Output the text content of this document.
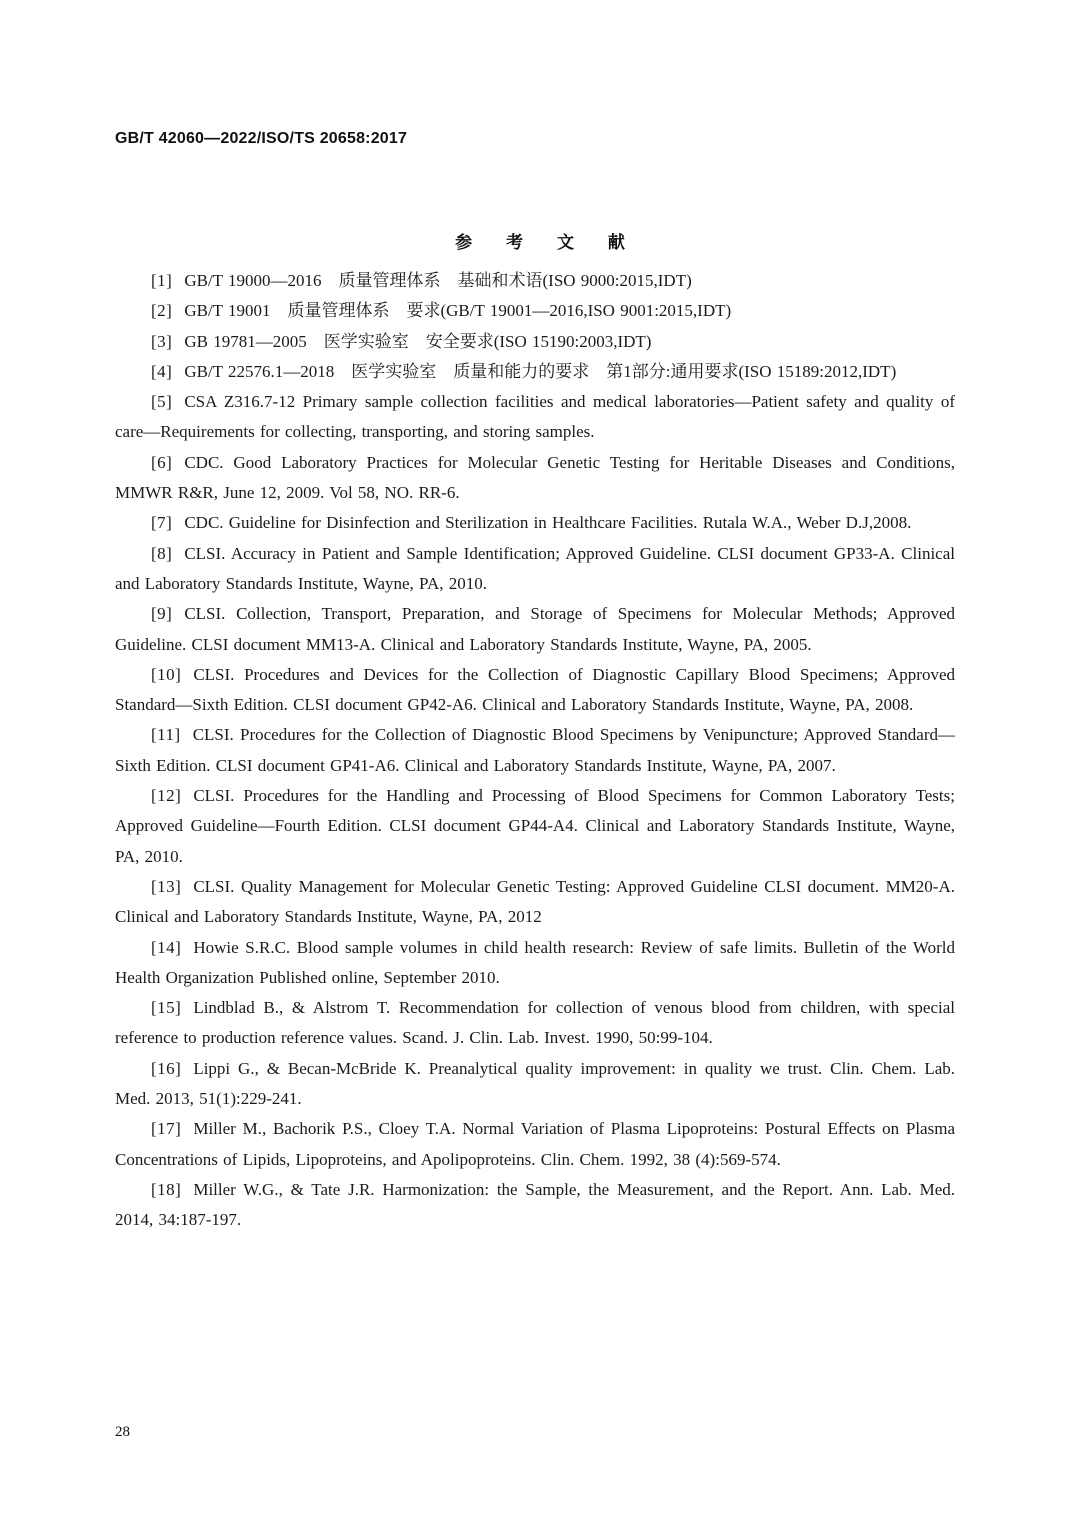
GB/T 42060—2022/ISO/TS 20658:2017
参 考 文 献
[1] GB/T 19000—2016　质量管理体系　基础和术语(ISO 9000:2015,IDT)
[2] GB/T 19001　质量管理体系　要求(GB/T 19001—2016,ISO 9001:2015,IDT)
[3] GB 19781—2005　医学实验室　安全要求(ISO 15190:2003,IDT)
[4] GB/T 22576.1—2018　医学实验室　质量和能力的要求　第1部分:通用要求(ISO 15189:2012,IDT)
[5] CSA Z316.7-12 Primary sample collection facilities and medical laboratories—Patient safety and quality of care—Requirements for collecting, transporting, and storing samples.
[6] CDC. Good Laboratory Practices for Molecular Genetic Testing for Heritable Diseases and Conditions, MMWR R&R, June 12, 2009. Vol 58, NO. RR-6.
[7] CDC. Guideline for Disinfection and Sterilization in Healthcare Facilities. Rutala W.A., Weber D.J,2008.
[8] CLSI. Accuracy in Patient and Sample Identification; Approved Guideline. CLSI document GP33-A. Clinical and Laboratory Standards Institute, Wayne, PA, 2010.
[9] CLSI. Collection, Transport, Preparation, and Storage of Specimens for Molecular Methods; Approved Guideline. CLSI document MM13-A. Clinical and Laboratory Standards Institute, Wayne, PA, 2005.
[10] CLSI. Procedures and Devices for the Collection of Diagnostic Capillary Blood Specimens; Approved Standard—Sixth Edition. CLSI document GP42-A6. Clinical and Laboratory Standards Institute, Wayne, PA, 2008.
[11] CLSI. Procedures for the Collection of Diagnostic Blood Specimens by Venipuncture; Approved Standard—Sixth Edition. CLSI document GP41-A6. Clinical and Laboratory Standards Institute, Wayne, PA, 2007.
[12] CLSI. Procedures for the Handling and Processing of Blood Specimens for Common Laboratory Tests; Approved Guideline—Fourth Edition. CLSI document GP44-A4. Clinical and Laboratory Standards Institute, Wayne, PA, 2010.
[13] CLSI. Quality Management for Molecular Genetic Testing: Approved Guideline CLSI document. MM20-A. Clinical and Laboratory Standards Institute, Wayne, PA, 2012
[14] Howie S.R.C. Blood sample volumes in child health research: Review of safe limits. Bulletin of the World Health Organization Published online, September 2010.
[15] Lindblad B., & Alstrom T. Recommendation for collection of venous blood from children, with special reference to production reference values. Scand. J. Clin. Lab. Invest. 1990, 50:99-104.
[16] Lippi G., & Becan-McBride K. Preanalytical quality improvement: in quality we trust. Clin. Chem. Lab. Med. 2013, 51(1):229-241.
[17] Miller M., Bachorik P.S., Cloey T.A. Normal Variation of Plasma Lipoproteins: Postural Effects on Plasma Concentrations of Lipids, Lipoproteins, and Apolipoproteins. Clin. Chem. 1992, 38 (4):569-574.
[18] Miller W.G., & Tate J.R. Harmonization: the Sample, the Measurement, and the Report. Ann. Lab. Med. 2014, 34:187-197.
28
